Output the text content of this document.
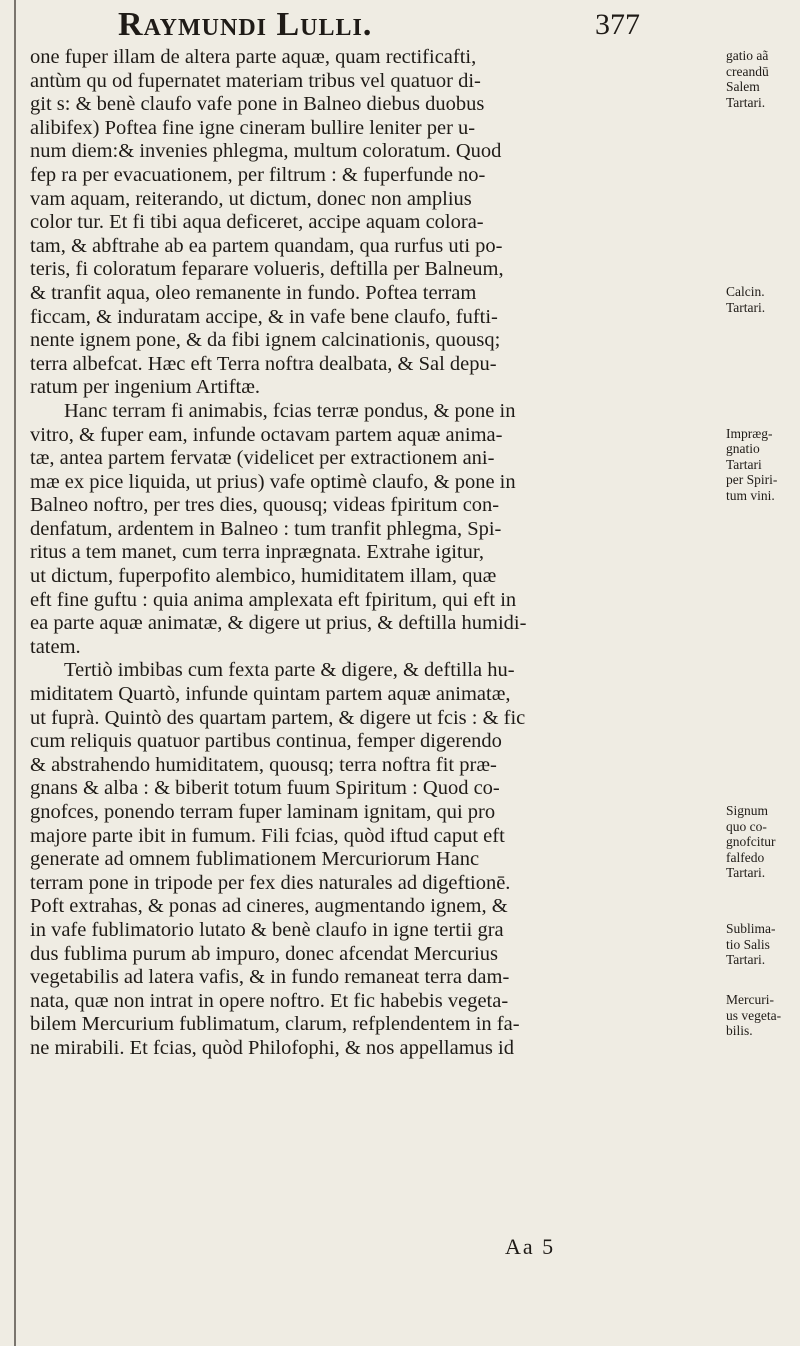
Raymundi Lulli.	377
one fuper illam de altera parte aquæ, quam rectificafti,
antùm qu od fupernatet materiam tribus vel quatuor di-
git s: & benè claufo vafe pone in Balneo diebus duobus
alibifex) Poftea fine igne cineram bullire leniter per u-
num diem:& invenies phlegma, multum coloratum. Quod
fep ra per evacuationem, per filtrum : & fuperfunde no-
vam aquam, reiterando, ut dictum, donec non amplius
color tur. Et fi tibi aqua deficeret, accipe aquam colora-
tam, & abftrahe ab ea partem quandam, qua rurfus uti po-
teris, fi coloratum feparare volueris, deftilla per Balneum,
& tranfit aqua, oleo remanente in fundo. Poftea terram
ficcam, & induratam accipe, & in vafe bene claufo, fufti-
nente ignem pone, & da fibi ignem calcinationis, quousq;
terra albefcat. Hæc eft Terra noftra dealbata, & Sal depu-
ratum per ingenium Artiftæ.
Hanc terram fi animabis, fcias terræ pondus, & pone in
vitro, & fuper eam, infunde octavam partem aquæ anima-
tæ, antea partem fervatæ (videlicet per extractionem ani-
mæ ex pice liquida, ut prius) vafe optimè claufo, & pone in
Balneo noftro, per tres dies, quousq; videas fpiritum con-
denfatum, ardentem in Balneo : tum tranfit phlegma, Spi-
ritus a tem manet, cum terra inprægnata. Extrahe igitur,
ut dictum, fuperpofito alembico, humiditatem illam, quæ
eft fine guftu : quia anima amplexata eft fpiritum, qui eft in
ea parte aquæ animatæ, & digere ut prius, & deftilla humidi-
tatem.
Tertiò imbibas cum fexta parte & digere, & deftilla hu-
miditatem Quartò, infunde quintam partem aquæ animatæ,
ut fuprà. Quintò des quartam partem, & digere ut fcis : & fic
cum reliquis quatuor partibus continua, femper digerendo
& abstrahendo humiditatem, quousq; terra noftra fit præ-
gnans & alba : & biberit totum fuum Spiritum : Quod co-
gnofces, ponendo terram fuper laminam ignitam, qui pro
majore parte ibit in fumum. Fili fcias, quòd iftud caput eft
generate ad omnem fublimationem Mercuriorum Hanc
terram pone in tripode per fex dies naturales ad digeftionē.
Poft extrahas, & ponas ad cineres, augmentando ignem, &
in vafe fublimatorio lutato & benè claufo in igne tertii gra
dus fublima purum ab impuro, donec afcendat Mercurius
vegetabilis ad latera vafis, & in fundo remaneat terra dam-
nata, quæ non intrat in opere noftro. Et fic habebis vegeta-
bilem Mercurium fublimatum, clarum, refplendentem in fa-
ne mirabili. Et fcias, quòd Philofophi, & nos appellamus id
gatio aã
creandū
Salem
Tartari.
Calcin.
Tartari.
Impræg-
gnatio
Tartari
per Spiri-
tum vini.
Signum
quo co-
gnofcitur
falfedo
Tartari.
Sublima-
tio Salis
Tartari.
Mercuri-
us vegeta-
bilis.
Aa 5
